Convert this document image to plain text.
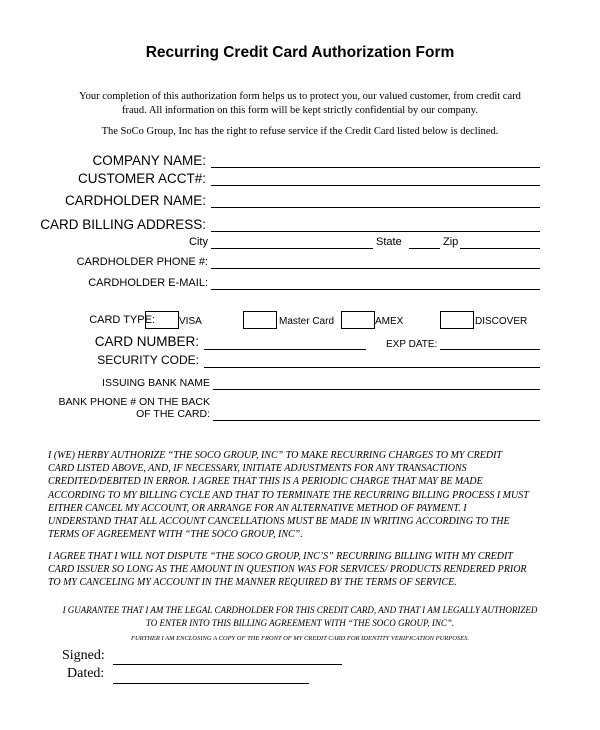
Recurring Credit Card Authorization Form
Your completion of this authorization form helps us to protect you, our valued customer, from credit card
fraud. All information on this form will be kept strictly confidential by our company.
The SoCo Group, Inc has the right to refuse service if the Credit Card listed below is declined.
COMPANY NAME:
CUSTOMER ACCT#:
CARDHOLDER NAME:
CARD BILLING ADDRESS:
City	State	Zip
CARDHOLDER PHONE #:
CARDHOLDER E-MAIL:
CARD TYPE: VISA	Master Card	AMEX	DISCOVER
CARD NUMBER:	EXP DATE:
SECURITY CODE:
ISSUING BANK NAME
BANK PHONE # ON THE BACK
OF THE CARD:
I (WE) HERBY AUTHORIZE “THE SOCO GROUP, INC” TO MAKE RECURRING CHARGES TO MY CREDIT
CARD LISTED ABOVE, AND, IF NECESSARY, INITIATE ADJUSTMENTS FOR ANY TRANSACTIONS
CREDITED/DEBITED IN ERROR. I AGREE THAT THIS IS A PERIODIC CHARGE THAT MAY BE MADE
ACCORDING TO MY BILLING CYCLE AND THAT TO TERMINATE THE RECURRING BILLING PROCESS I MUST
EITHER CANCEL MY ACCOUNT, OR ARRANGE FOR AN ALTERNATIVE METHOD OF PAYMENT. I
UNDERSTAND THAT ALL ACCOUNT CANCELLATIONS MUST BE MADE IN WRITING ACCORDING TO THE
TERMS OF AGREEMENT WITH “THE SOCO GROUP, INC”.
I AGREE THAT I WILL NOT DISPUTE “THE SOCO GROUP, INC’S” RECURRING BILLING WITH MY CREDIT
CARD ISSUER SO LONG AS THE AMOUNT IN QUESTION WAS FOR SERVICES/ PRODUCTS RENDERED PRIOR
TO MY CANCELING MY ACCOUNT IN THE MANNER REQUIRED BY THE TERMS OF SERVICE.
I GUARANTEE THAT I AM THE LEGAL CARDHOLDER FOR THIS CREDIT CARD, AND THAT I AM LEGALLY AUTHORIZED
TO ENTER INTO THIS BILLING AGREEMENT WITH “THE SOCO GROUP, INC”.
FURTHER I AM ENCLOSING A COPY OF THE FRONT OF MY CREDIT CARD FOR IDENTITY VERIFICATION PURPOSES.
Signed:
Dated:
